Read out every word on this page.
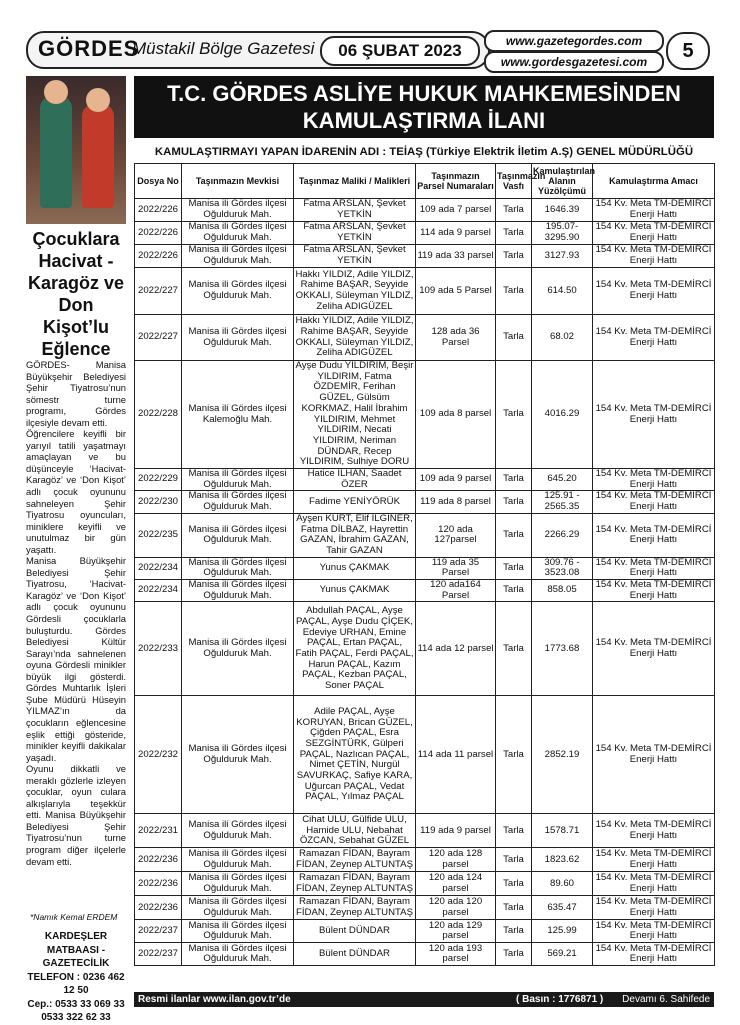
GÖRDES
Müstakil Bölge Gazetesi	06 ŞUBAT 2023	www.gazetegordes.com
www.gordesgazetesi.com	5
Çocuklara Hacivat - Karagöz ve Don Kişot’lu Eğlence

GÖRDES- Manisa Büyükşehir Belediyesi Şehir Tiyatrosu’nun sömestr turne programı, Gördes ilçesiyle devam etti.

Öğrencilere keyifli bir yarıyıl tatili yaşatmayı amaçlayan ve bu düşünceyle ‘Hacivat-Karagöz’ ve ‘Don Kişot’ adlı çocuk oyununu sahneleyen Şehir Tiyatrosu oyuncuları, miniklere keyifli ve unutulmaz bir gün yaşattı.

Manisa Büyükşehir Belediyesi Şehir Tiyatrosu, ‘Hacivat-Karagöz’ ve ‘Don Kişot’ adlı çocuk oyununu Gördesli çocuklarla buluşturdu. Gördes Belediyesi Kültür Sarayı’nda sahnelenen oyuna Gördesli minikler büyük ilgi gösterdi. Gördes Muhtarlık İşleri Şube Müdürü Hüseyin YILMAZ’ın da çocukların eğlencesine eşlik ettiği gösteride, minikler keyifli dakikalar yaşadı.

Oyunu dikkatli ve meraklı gözlerle izleyen çocuklar, oyun culara alkışlarıyla teşekkür etti. Manisa Büyükşehir Belediyesi Şehir Tiyatrosu’nun turne program diğer ilçelerle devam etti.

*Namık Kemal ERDEM
KARDEŞLER MATBAASI -
GAZETECİLİK
TELEFON : 0236 462 12 50
Cep.: 0533 33 069 33
0533 322 62 33
T.C. GÖRDES ASLİYE HUKUK MAHKEMESİNDEN
KAMULAŞTIRMA İLANI
KAMULAŞTIRMAYI YAPAN İDARENİN ADI : TEİAŞ (Türkiye Elektrik İletim A.Ş) GENEL MÜDÜRLÜĞÜ
Dosya No	Taşınmazın Mevkisi	Taşınmaz Maliki / Malikleri	Taşınmazın Parsel Numaraları	Taşınmazın Vasfı	Kamulaştırılan Alanın Yüzölçümü	Kamulaştırma Amacı
2022/226	Manisa ili Gördes ilçesi Oğulduruk Mah.	Fatma ARSLAN, Şevket YETKİN	109 ada 7 parsel	Tarla	1646.39	154 Kv. Meta TM-DEMİRCİ Enerji Hattı
2022/226	Manisa ili Gördes ilçesi Oğulduruk Mah.	Fatma ARSLAN, Şevket YETKİN	114 ada 9 parsel	Tarla	195.07-3295.90	154 Kv. Meta TM-DEMİRCİ Enerji Hattı
2022/226	Manisa ili Gördes ilçesi Oğulduruk Mah.	Fatma ARSLAN, Şevket YETKİN	119 ada 33 parsel	Tarla	3127.93	154 Kv. Meta TM-DEMİRCİ Enerji Hattı
2022/227	Manisa ili Gördes ilçesi Oğulduruk Mah.	Hakkı YILDIZ, Adile YILDIZ, Rahime BAŞAR, Seyyide OKKALI, Süleyman YILDIZ, Zeliha ADIGÜZEL	109 ada 5 Parsel	Tarla	614.50	154 Kv. Meta TM-DEMİRCİ Enerji Hattı
2022/227	Manisa ili Gördes ilçesi Oğulduruk Mah.	Hakkı YILDIZ, Adile YILDIZ, Rahime BAŞAR, Seyyide OKKALI, Süleyman YILDIZ, Zeliha ADIGÜZEL	128 ada 36 Parsel	Tarla	68.02	154 Kv. Meta TM-DEMİRCİ Enerji Hattı
2022/228	Manisa ili Gördes ilçesi Kalemoğlu Mah.	Ayşe Dudu YILDIRIM, Beşir YILDIRIM, Fatma ÖZDEMİR, Ferihan GÜZEL, Gülsüm KORKMAZ, Halil İbrahim YILDIRIM, Mehmet YILDIRIM, Necati YILDIRIM, Neriman DÜNDAR, Recep YILDIRIM, Sulhiye DORU	109 ada 8 parsel	Tarla	4016.29	154 Kv. Meta TM-DEMİRCİ Enerji Hattı
2022/229	Manisa ili Gördes ilçesi Oğulduruk Mah.	Hatice İLHAN, Saadet ÖZER	109 ada 9 parsel	Tarla	645.20	154 Kv. Meta TM-DEMİRCİ Enerji Hattı
2022/230	Manisa ili Gördes ilçesi Oğulduruk Mah.	Fadime YENİYÖRÜK	119 ada 8 parsel	Tarla	125.91 - 2565.35	154 Kv. Meta TM-DEMİRCİ Enerji Hattı
2022/235	Manisa ili Gördes ilçesi Oğulduruk Mah.	Ayşen KURT, Elif İLGİNER, Fatma DİLBAZ, Hayrettin GAZAN, İbrahim GAZAN, Tahir GAZAN	120 ada 127parsel	Tarla	2266.29	154 Kv. Meta TM-DEMİRCİ Enerji Hattı
2022/234	Manisa ili Gördes ilçesi Oğulduruk Mah.	Yunus ÇAKMAK	119 ada 35 Parsel	Tarla	309.76 - 3523.08	154 Kv. Meta TM-DEMİRCİ Enerji Hattı
2022/234	Manisa ili Gördes ilçesi Oğulduruk Mah.	Yunus ÇAKMAK	120 ada164 Parsel	Tarla	858.05	154 Kv. Meta TM-DEMİRCİ Enerji Hattı
2022/233	Manisa ili Gördes ilçesi Oğulduruk Mah.	Abdullah PAÇAL, Ayşe PAÇAL, Ayşe Dudu ÇİÇEK, Edeviye URHAN, Emine PAÇAL, Ertan PAÇAL, Fatih PAÇAL, Ferdi PAÇAL, Harun PAÇAL, Kazım PAÇAL, Kezban PAÇAL, Soner PAÇAL	114 ada 12 parsel	Tarla	1773.68	154 Kv. Meta TM-DEMİRCİ Enerji Hattı
2022/232	Manisa ili Gördes ilçesi Oğulduruk Mah.	Adile PAÇAL, Ayşe KORUYAN, Brican GÜZEL, Çiğden PAÇAL, Esra SEZGİNTÜRK, Gülperi PAÇAL, Nazlıcan PAÇAL, Nimet ÇETİN, Nurgül SAVURKAÇ, Safiye KARA, Uğurcan PAÇAL, Vedat PAÇAL, Yılmaz PAÇAL	114 ada 11 parsel	Tarla	2852.19	154 Kv. Meta TM-DEMİRCİ Enerji Hattı
2022/231	Manisa ili Gördes ilçesi Oğulduruk Mah.	Cihat ULU, Gülfide ULU, Hamide ULU, Nebahat ÖZCAN, Sebahat GÜZEL	119 ada 9 parsel	Tarla	1578.71	154 Kv. Meta TM-DEMİRCİ Enerji Hattı
2022/236	Manisa ili Gördes ilçesi Oğulduruk Mah.	Ramazan FİDAN, Bayram FİDAN, Zeynep ALTUNTAŞ	120 ada 128 parsel	Tarla	1823.62	154 Kv. Meta TM-DEMİRCİ Enerji Hattı
2022/236	Manisa ili Gördes ilçesi Oğulduruk Mah.	Ramazan FİDAN, Bayram FİDAN, Zeynep ALTUNTAŞ	120 ada 124 parsel	Tarla	89.60	154 Kv. Meta TM-DEMİRCİ Enerji Hattı
2022/236	Manisa ili Gördes ilçesi Oğulduruk Mah.	Ramazan FİDAN, Bayram FİDAN, Zeynep ALTUNTAŞ	120 ada 120 parsel	Tarla	635.47	154 Kv. Meta TM-DEMİRCİ Enerji Hattı
2022/237	Manisa ili Gördes ilçesi Oğulduruk Mah.	Bülent DÜNDAR	120 ada 129 parsel	Tarla	125.99	154 Kv. Meta TM-DEMİRCİ Enerji Hattı
2022/237	Manisa ili Gördes ilçesi Oğulduruk Mah.	Bülent DÜNDAR	120 ada 193 parsel	Tarla	569.21	154 Kv. Meta TM-DEMİRCİ Enerji Hattı
Resmi ilanlar www.ilan.gov.tr’de	( Basın : 1776871 ) Devamı 6. Sahifede
